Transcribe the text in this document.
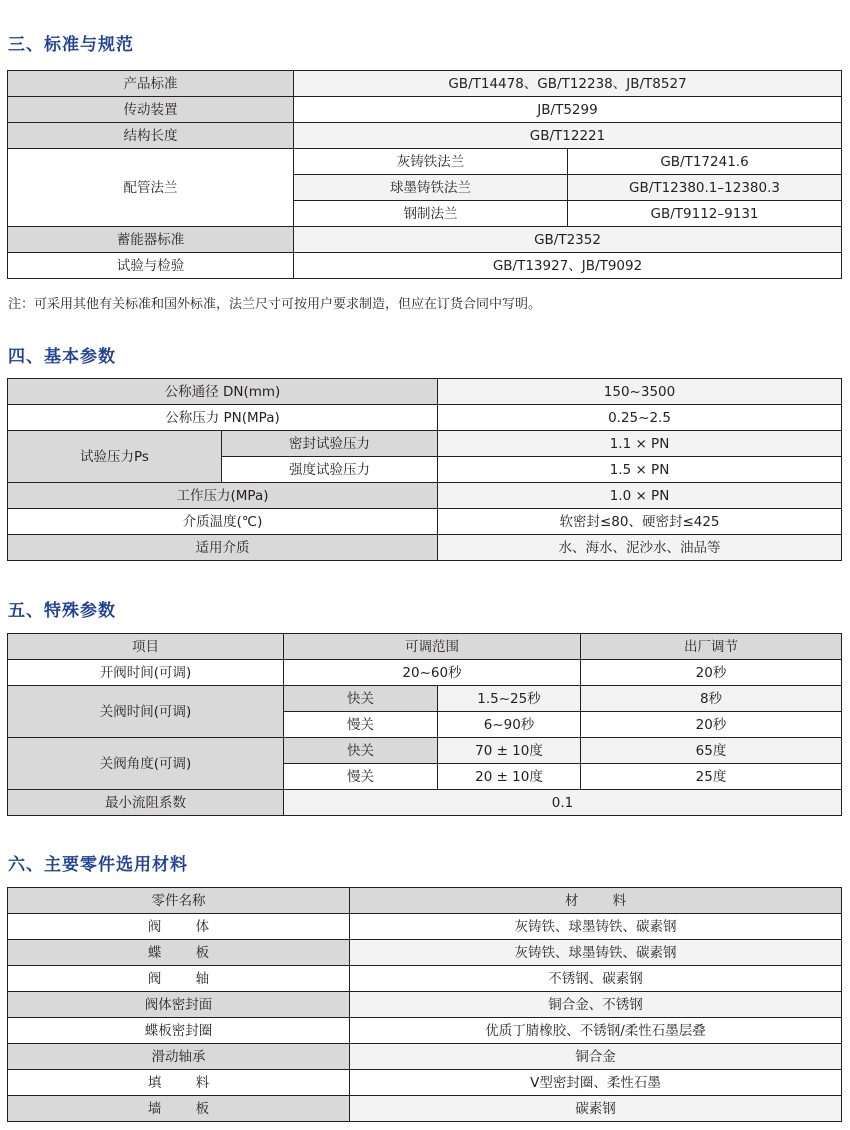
三、标准与规范
产品标准	GB/T14478、GB/T12238、JB/T8527	
传动装置	JB/T5299	
结构长度	GB/T12221	
配管法兰	灰铸铁法兰	GB/T17241.6
	球墨铸铁法兰	GB/T12380.1–12380.3
	钢制法兰	GB/T9112–9131
蓄能器标准	GB/T2352	
试验与检验	GB/T13927、JB/T9092	
注：可采用其他有关标准和国外标准，法兰尺寸可按用户要求制造，但应在订货合同中写明。
四、基本参数
公称通径 DN(mm)		150~3500
公称压力 PN(MPa)		0.25~2.5
试验压力Ps	密封试验压力	1.1 × PN
	强度试验压力	1.5 × PN
工作压力(MPa)		1.0 × PN
介质温度(℃)		软密封≤80、硬密封≤425
适用介质		水、海水、泥沙水、油品等
五、特殊参数
项目	可调范围		出厂调节
开阀时间(可调)	20~60秒		20秒
关阀时间(可调)	快关	1.5~25秒	8秒
	慢关	6~90秒	20秒
关阀角度(可调)	快关	70 ± 10度	65度
	慢关	20 ± 10度	25度
最小流阻系数	0.1		
六、主要零件选用材料
零件名称	材        料
阀        体	灰铸铁、球墨铸铁、碳素钢
蝶        板	灰铸铁、球墨铸铁、碳素钢
阀        轴	不锈钢、碳素钢
阀体密封面	铜合金、不锈钢
蝶板密封圈	优质丁腈橡胶、不锈钢/柔性石墨层叠
滑动轴承	铜合金
填        料	V型密封圈、柔性石墨
墙        板	碳素钢
